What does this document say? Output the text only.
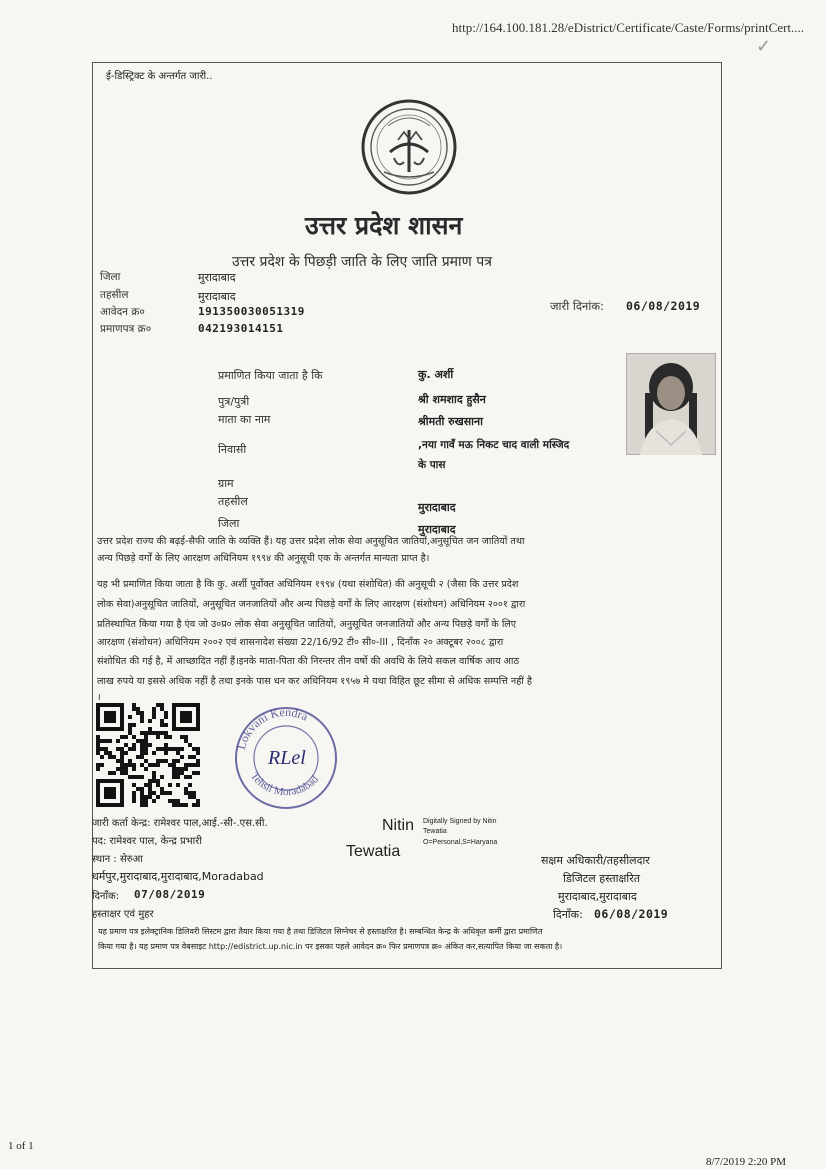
http://164.100.181.28/eDistrict/Certificate/Caste/Forms/printCert....
✓
ई-डिस्ट्रिक्ट के अन्तर्गत जारी..
उत्तर प्रदेश शासन
उत्तर प्रदेश के पिछड़ी जाति के लिए जाति प्रमाण पत्र
जिला	मुरादाबाद
तहसील	मुरादाबाद
आवेदन क्र०	191350030051319
प्रमाणपत्र क्र०	042193014151
जारी दिनांक: 06/08/2019
प्रमाणित किया जाता है कि	कु. अर्शी
पुत्र/पुत्री	श्री शमशाद हुसैन
माता का नाम	श्रीमती रुखसाना
निवासी	,नया गावँ मऊ निकट चाद वाली मस्जिद
के पास
ग्राम
तहसील	मुरादाबाद
जिला	मुरादाबाद
उत्तर प्रदेश राज्य की बढ़ई-सैफी जाति के व्यक्ति हैं। यह उत्तर प्रदेश लोक सेवा अनुसूचित जातियों,अनुसूचित जन जातियों तथा
अन्य पिछड़े वर्गों के लिए आरक्षण अधिनियम १९९४ की अनुसूची एक के अन्तर्गत मान्यता प्राप्त है।
यह भी प्रमाणित किया जाता है कि कु. अर्शी पूर्वोक्त अधिनियम १९९४ (यथा संशोधित) की अनुसूची २ (जैसा कि उत्तर प्रदेश
लोक सेवा)अनुसूचित जातियों, अनुसूचित जनजातियों और अन्य पिछड़े वर्गों के लिए आरक्षण (संशोधन) अधिनियम २००१ द्वारा
प्रतिस्थापित किया गया है एंव जो उ०प्र० लोक सेवा अनुसूचित जातियों, अनुसूचित जनजातियों और अन्य पिछड़े वर्गों के लिए
आरक्षण (संशोधन) अधिनियम २००२ एवं शासनादेश संख्या 22/16/92 टी० सी०-III , दिनाँक २० अक्टूबर २००८ द्वारा
संशोधित की गई है, में आच्छादित नहीं हैं।इनके माता-पिता की निरन्तर तीन वर्षो की अवधि के लिये सकल वार्षिक आय आठ
लाख रुपये या इससे अधिक नहीं है तथा इनके पास धन कर अधिनियम १९५७ मे यथा विहित छूट सीमा से अधिक सम्पत्ति नहीं है
।
Lokvani Kendra
Tehsil Moradabad
RLel
जारी कर्ता केन्द्र: रामेश्वर पाल,आई.-सी-.एस.सी.
पद: रामेश्वर पाल, केन्द्र प्रभारी
स्थान : सेरुआ
धर्मपुर,मुरादाबाद,मुरादाबाद,Moradabad
दिनाँक: 07/08/2019
हस्ताक्षर एवं मुहर
Nitin
Tewatia
Digitally Signed by Nitin
Tewatia
O=Personal,S=Haryana
सक्षम अधिकारी/तहसीलदार
डिजिटल हस्ताक्षरित
मुरादाबाद,मुरादाबाद
दिनाँक: 06/08/2019
यह प्रमाण पत्र इलेक्ट्रानिक डिलिवरी सिस्टम द्वारा तैयार किया गया है तथा डिजिटल सिग्नेचर से हस्ताक्षरित है। सम्बन्धित केन्द्र के अधिकृत कर्मी द्वारा प्रमाणित
किया गया है। यह प्रमाण पत्र वेबसाइट http://edistrict.up.nic.in पर इसका पहले आवेदन क्र० फिर प्रमाणपत्र क्र० अंकित कर,सत्यापित किया जा सकता है।
1 of 1
8/7/2019 2:20 PM
